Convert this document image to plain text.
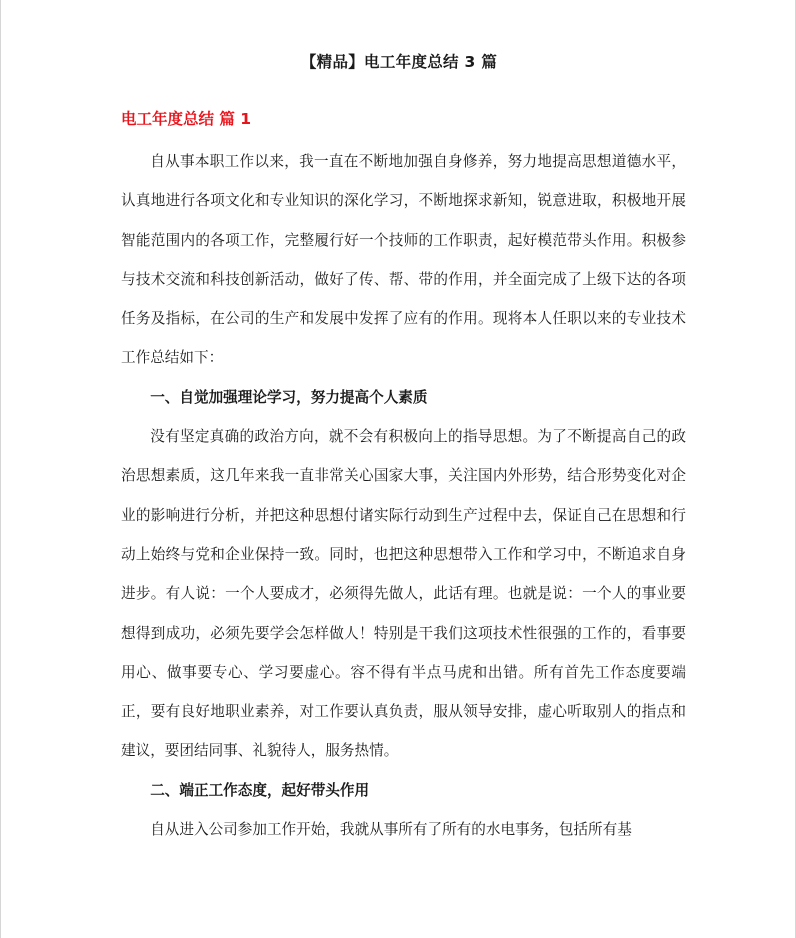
【精品】电工年度总结 3 篇
电工年度总结 篇 1

自从事本职工作以来，我一直在不断地加强自身修养，努力地提高思想道德水平，认真地进行各项文化和专业知识的深化学习，不断地探求新知，锐意进取，积极地开展智能范围内的各项工作，完整履行好一个技师的工作职责，起好模范带头作用。积极参与技术交流和科技创新活动，做好了传、帮、带的作用，并全面完成了上级下达的各项任务及指标，在公司的生产和发展中发挥了应有的作用。现将本人任职以来的专业技术工作总结如下：

一、自觉加强理论学习，努力提高个人素质

没有坚定真确的政治方向，就不会有积极向上的指导思想。为了不断提高自己的政治思想素质，这几年来我一直非常关心国家大事，关注国内外形势，结合形势变化对企业的影响进行分析，并把这种思想付诸实际行动到生产过程中去，保证自己在思想和行动上始终与党和企业保持一致。同时，也把这种思想带入工作和学习中，不断追求自身进步。有人说：一个人要成才，必须得先做人，此话有理。也就是说：一个人的事业要想得到成功，必须先要学会怎样做人！特别是干我们这项技术性很强的工作的，看事要用心、做事要专心、学习要虚心。容不得有半点马虎和出错。所有首先工作态度要端正，要有良好地职业素养，对工作要认真负责，服从领导安排，虚心听取别人的指点和建议，要团结同事、礼貌待人，服务热情。

二、端正工作态度，起好带头作用

自从进入公司参加工作开始，我就从事所有了所有的水电事务，包括所有基
